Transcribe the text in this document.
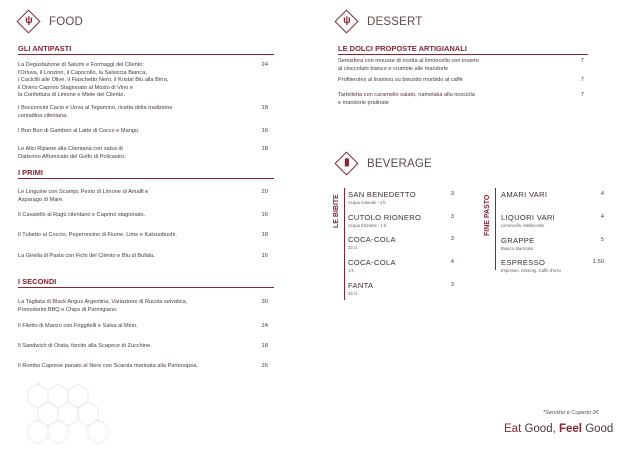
ψ FOOD
GLI ANTIPASTI
La Degustazione di Salumi e Formaggi del Cilento:
l'Orluva, il Lonzino, il Capocollo, la Salsiccia Bianca,
i Cacicilli alle Olive, il Fiaschetto Nero, il Kristal Blu alla Birra,
il Divino Caprino Stagionato al Mosto di Vino e
la Confettura di Limone e Miele del Cilento.
24
I Bocconcini Cacio e Uova al Tegamino, ricetta della tradizione
contadina cilentana.
18
I Bon Bon di Gamberi al Latte di Cocco e Mango.	16
Le Alici Ripiene alla Cilentana con salsa di
Datterino Affumicato del Golfo di Policastro.
18
I PRIMI
Le Linguine con Scampi, Pesto di Limone di Amalfi e
Asparago di Mare.
20
Il Cavatello al Ragù cilentano e Caprino stagionato.	16
Il Tubetto al Coccio, Peperoncino di Fiume, Lime e Katsuobushi.	18
La Girella di Pasta con Fichi del Cilento e Blu di Bufala.	16
I SECONDI
La Tagliata di Black Angus Argentina, Variazione di Rucola selvatica,
Pomodorini BBQ e Chips di Parmigiano.
30
Il Filetto di Manzo con Friggitelli e Salsa al Mirin.	24
Il Sandwich di Orata, farcito alla Scapece di Zucchine.	18
Il Rombo Caprese panato al Nero con Scarola marinata alla Partenopea.	26
ψ DESSERT
LE DOLCI PROPOSTE ARTIGIANALI
Semisfera con mousse di ricotta al limoncello con inserto
al cioccolato bianco e crumble alle mandorle
7
Profiteroles al tiramisù su biscotto morbido al caffè	7
Tartelletta con caramello salato, namelaka alla nocciola
e mandorle pralinate
7
▮ BEVERAGE
LE BIBITE SAN BENEDETTO
Acqua naturale - 1 lt.
3
CUTOLO RIONERO
Acqua frizzante - 1 lt.
3
COCA-COLA
33 cl.
3
COCA-COLA
1 lt.
4
FANTA
33 cl.
3
FINE PASTO
AMARI VARI	4
LIQUORI VARI
Limoncello, Melloncello
4
GRAPPE
Bianca, Barricata
5
ESPRESSO
Espresso, Ginseng, Caffè d'orzo
1.50
*Servizio e Coperto 2€
Eat Good, Feel Good
